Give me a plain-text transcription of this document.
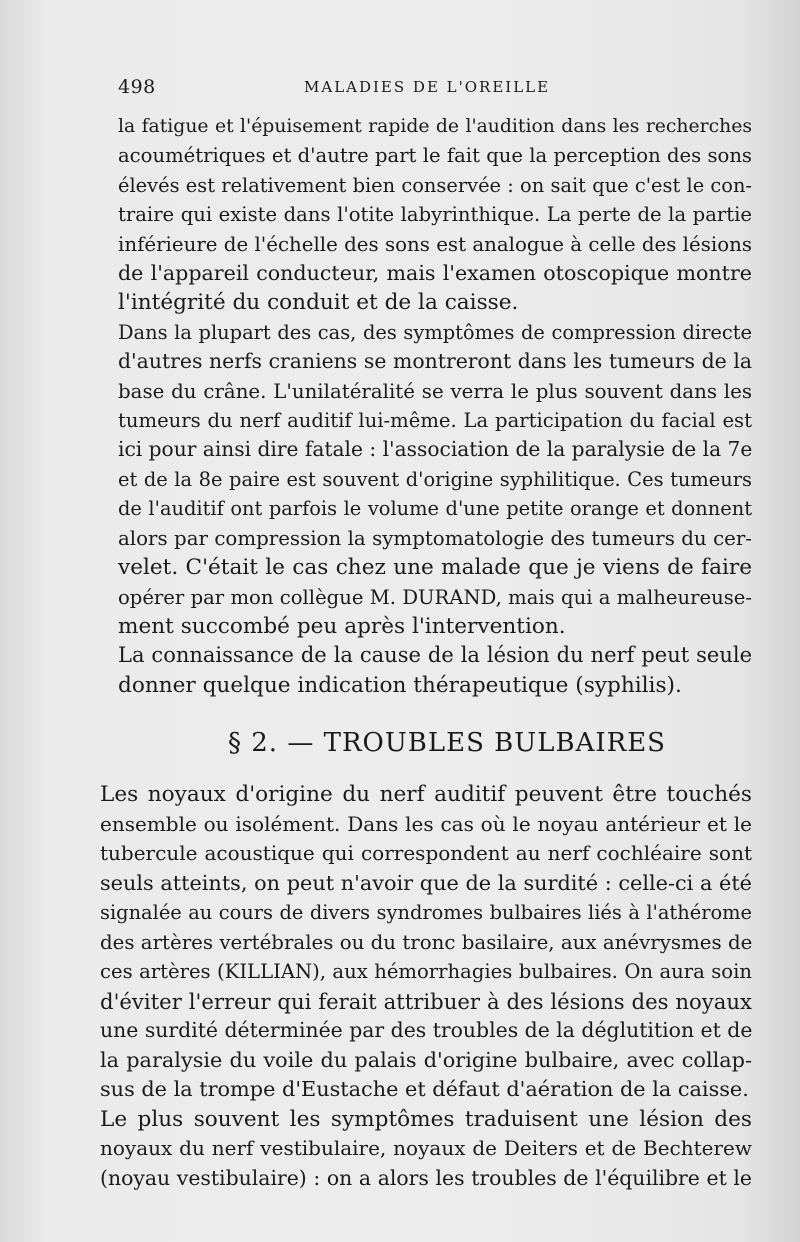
498	MALADIES DE L'OREILLE
la fatigue et l'épuisement rapide de l'audition dans les recherches
acoumétriques et d'autre part le fait que la perception des sons
élevés est relativement bien conservée : on sait que c'est le con-
traire qui existe dans l'otite labyrinthique. La perte de la partie
inférieure de l'échelle des sons est analogue à celle des lésions
de l'appareil conducteur, mais l'examen otoscopique montre
l'intégrité du conduit et de la caisse.
Dans la plupart des cas, des symptômes de compression directe
d'autres nerfs craniens se montreront dans les tumeurs de la
base du crâne. L'unilatéralité se verra le plus souvent dans les
tumeurs du nerf auditif lui-même. La participation du facial est
ici pour ainsi dire fatale : l'association de la paralysie de la 7e
et de la 8e paire est souvent d'origine syphilitique. Ces tumeurs
de l'auditif ont parfois le volume d'une petite orange et donnent
alors par compression la symptomatologie des tumeurs du cer-
velet. C'était le cas chez une malade que je viens de faire
opérer par mon collègue M. DURAND, mais qui a malheureuse-
ment succombé peu après l'intervention.
La connaissance de la cause de la lésion du nerf peut seule
donner quelque indication thérapeutique (syphilis).
§ 2. — TROUBLES BULBAIRES
Les noyaux d'origine du nerf auditif peuvent être touchés
ensemble ou isolément. Dans les cas où le noyau antérieur et le
tubercule acoustique qui correspondent au nerf cochléaire sont
seuls atteints, on peut n'avoir que de la surdité : celle-ci a été
signalée au cours de divers syndromes bulbaires liés à l'athérome
des artères vertébrales ou du tronc basilaire, aux anévrysmes de
ces artères (KILLIAN), aux hémorrhagies bulbaires. On aura soin
d'éviter l'erreur qui ferait attribuer à des lésions des noyaux
une surdité déterminée par des troubles de la déglutition et de
la paralysie du voile du palais d'origine bulbaire, avec collap-
sus de la trompe d'Eustache et défaut d'aération de la caisse.
Le plus souvent les symptômes traduisent une lésion des
noyaux du nerf vestibulaire, noyaux de Deiters et de Bechterew
(noyau vestibulaire) : on a alors les troubles de l'équilibre et le
